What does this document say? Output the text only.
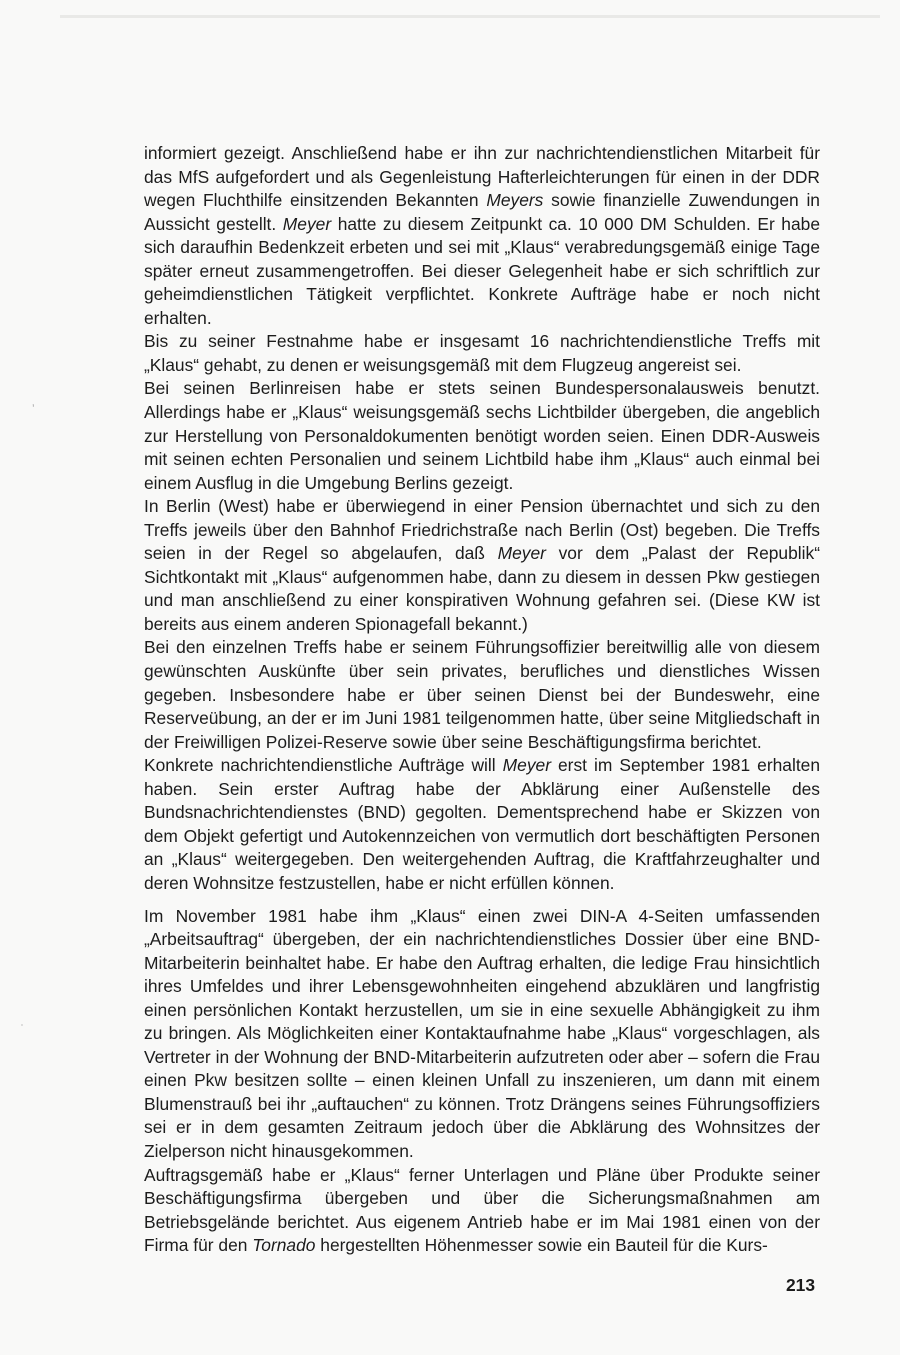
ʼ
ˈ

informiert gezeigt. Anschließend habe er ihn zur nachrichtendienstlichen Mitarbeit für das MfS aufgefordert und als Gegenleistung Hafterleichterungen für einen in der DDR wegen Fluchthilfe einsitzenden Bekannten Meyers sowie finanzielle Zuwendungen in Aussicht gestellt. Meyer hatte zu diesem Zeitpunkt ca. 10 000 DM Schulden. Er habe sich daraufhin Bedenkzeit erbeten und sei mit „Klaus“ verabredungsgemäß einige Tage später erneut zusammengetroffen. Bei dieser Gelegenheit habe er sich schriftlich zur geheimdienstlichen Tätigkeit verpflichtet. Konkrete Aufträge habe er noch nicht erhalten.

Bis zu seiner Festnahme habe er insgesamt 16 nachrichtendienstliche Treffs mit „Klaus“ gehabt, zu denen er weisungsgemäß mit dem Flugzeug angereist sei.

Bei seinen Berlinreisen habe er stets seinen Bundespersonalausweis benutzt. Allerdings habe er „Klaus“ weisungsgemäß sechs Lichtbilder übergeben, die angeblich zur Herstellung von Personaldokumenten benötigt worden seien. Einen DDR-Ausweis mit seinen echten Personalien und seinem Lichtbild habe ihm „Klaus“ auch einmal bei einem Ausflug in die Umgebung Berlins gezeigt.

In Berlin (West) habe er überwiegend in einer Pension übernachtet und sich zu den Treffs jeweils über den Bahnhof Friedrichstraße nach Berlin (Ost) begeben. Die Treffs seien in der Regel so abgelaufen, daß Meyer vor dem „Palast der Republik“ Sichtkontakt mit „Klaus“ aufgenommen habe, dann zu diesem in dessen Pkw gestiegen und man anschließend zu einer konspirativen Wohnung gefahren sei. (Diese KW ist bereits aus einem anderen Spionagefall bekannt.)

Bei den einzelnen Treffs habe er seinem Führungsoffizier bereitwillig alle von diesem gewünschten Auskünfte über sein privates, berufliches und dienstliches Wissen gegeben. Insbesondere habe er über seinen Dienst bei der Bundeswehr, eine Reserveübung, an der er im Juni 1981 teilgenommen hatte, über seine Mitgliedschaft in der Freiwilligen Polizei-Reserve sowie über seine Beschäftigungsfirma berichtet.

Konkrete nachrichtendienstliche Aufträge will Meyer erst im September 1981 erhalten haben. Sein erster Auftrag habe der Abklärung einer Außenstelle des Bundsnachrichtendienstes (BND) gegolten. Dementsprechend habe er Skizzen von dem Objekt gefertigt und Autokennzeichen von vermutlich dort beschäftigten Personen an „Klaus“ weitergegeben. Den weitergehenden Auftrag, die Kraftfahrzeughalter und deren Wohnsitze festzustellen, habe er nicht erfüllen können.

Im November 1981 habe ihm „Klaus“ einen zwei DIN-A 4-Seiten umfassenden „Arbeitsauftrag“ übergeben, der ein nachrichtendienstliches Dossier über eine BND-Mitarbeiterin beinhaltet habe. Er habe den Auftrag erhalten, die ledige Frau hinsichtlich ihres Umfeldes und ihrer Lebensgewohnheiten eingehend abzuklären und langfristig einen persönlichen Kontakt herzustellen, um sie in eine sexuelle Abhängigkeit zu ihm zu bringen. Als Möglichkeiten einer Kontaktaufnahme habe „Klaus“ vorgeschlagen, als Vertreter in der Wohnung der BND-Mitarbeiterin aufzutreten oder aber – sofern die Frau einen Pkw besitzen sollte – einen kleinen Unfall zu inszenieren, um dann mit einem Blumenstrauß bei ihr „auftauchen“ zu können. Trotz Drängens seines Führungsoffiziers sei er in dem gesamten Zeitraum jedoch über die Abklärung des Wohnsitzes der Zielperson nicht hinausgekommen.

Auftragsgemäß habe er „Klaus“ ferner Unterlagen und Pläne über Produkte seiner Beschäftigungsfirma übergeben und über die Sicherungsmaßnahmen am Betriebsgelände berichtet. Aus eigenem Antrieb habe er im Mai 1981 einen von der Firma für den Tornado hergestellten Höhenmesser sowie ein Bauteil für die Kurs-

213
